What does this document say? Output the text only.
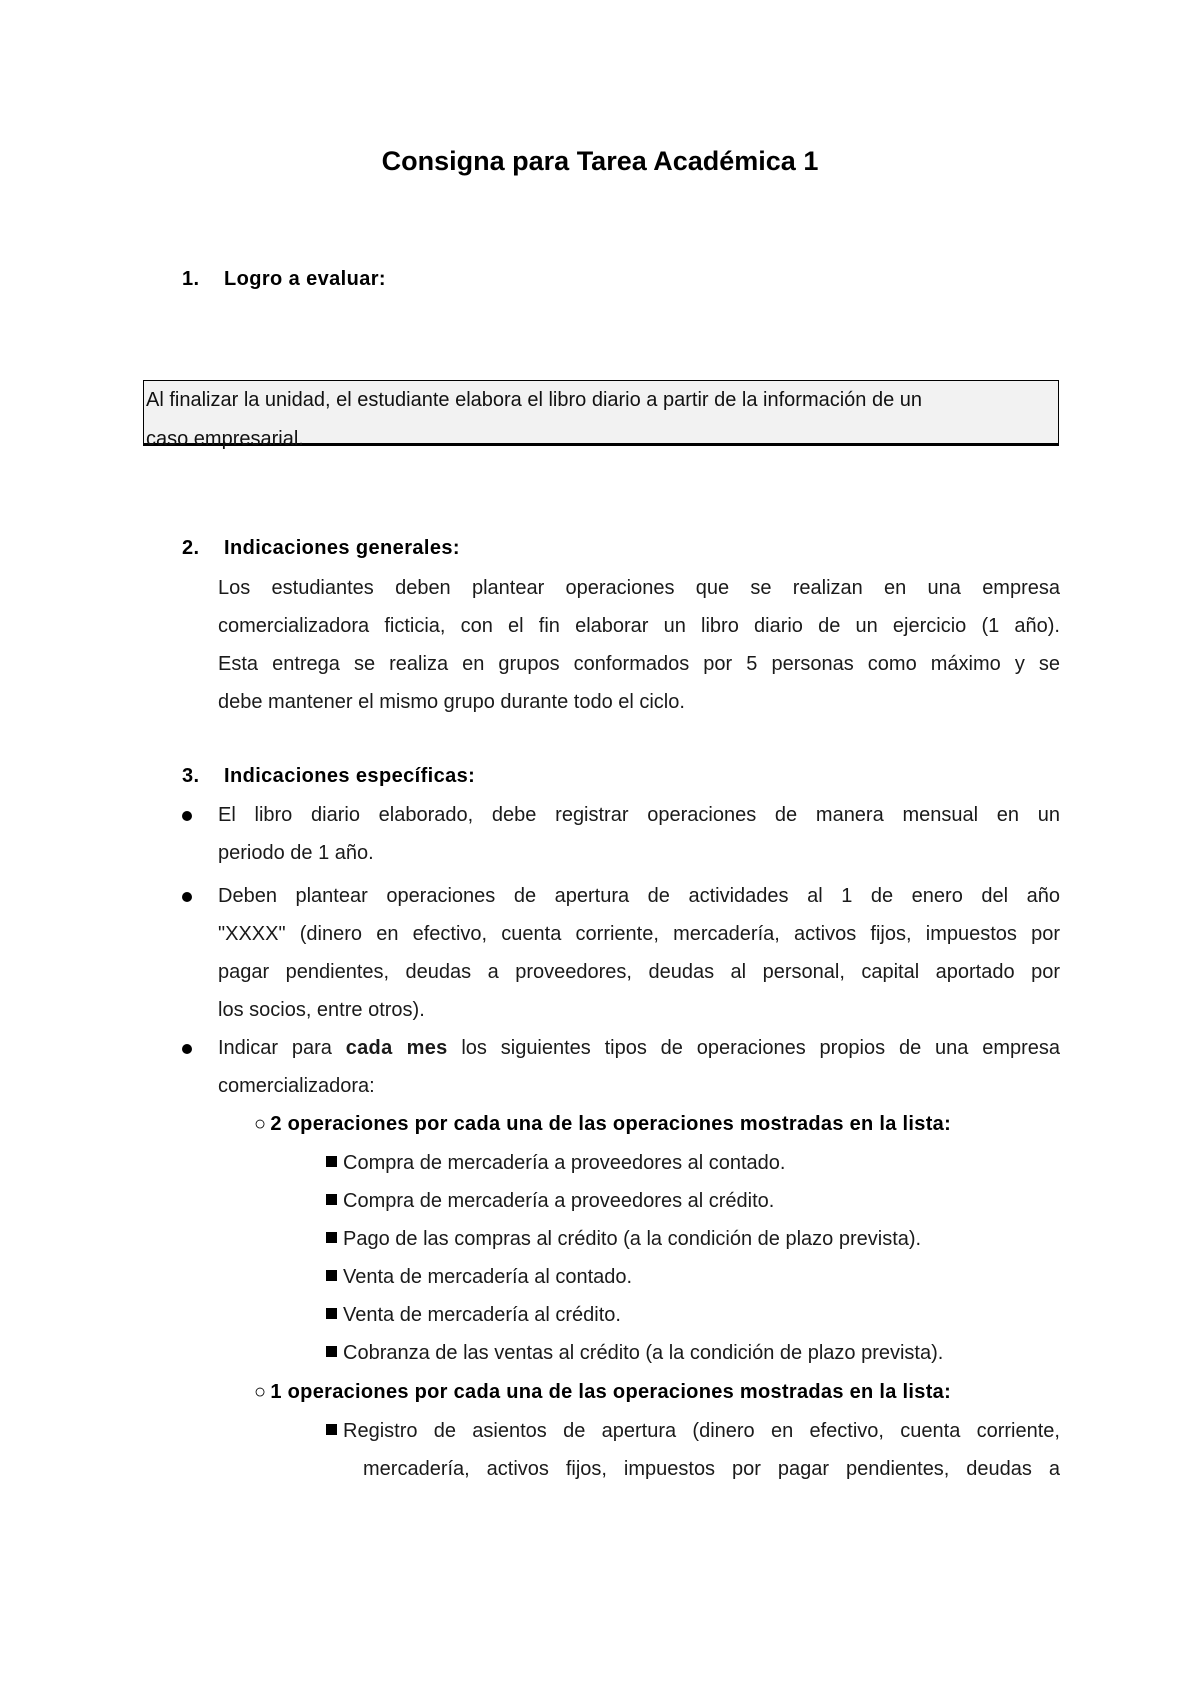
Consigna para Tarea Académica 1
1. Logro a evaluar:
Al finalizar la unidad, el estudiante elabora el libro diario a partir de la información de un
caso empresarial.
2. Indicaciones generales:
Los estudiantes deben plantear operaciones que se realizan en una empresa
comercializadora ficticia, con el fin elaborar un libro diario de un ejercicio (1 año).
Esta entrega se realiza en grupos conformados por 5 personas como máximo y se
debe mantener el mismo grupo durante todo el ciclo.
3. Indicaciones específicas:
El libro diario elaborado, debe registrar operaciones de manera mensual en un
periodo de 1 año.
Deben plantear operaciones de apertura de actividades al 1 de enero del año
"XXXX" (dinero en efectivo, cuenta corriente, mercadería, activos fijos, impuestos por
pagar pendientes, deudas a proveedores, deudas al personal, capital aportado por
los socios, entre otros).
Indicar para cada mes los siguientes tipos de operaciones propios de una empresa
comercializadora:
○ 2 operaciones por cada una de las operaciones mostradas en la lista:
Compra de mercadería a proveedores al contado.
Compra de mercadería a proveedores al crédito.
Pago de las compras al crédito (a la condición de plazo prevista).
Venta de mercadería al contado.
Venta de mercadería al crédito.
Cobranza de las ventas al crédito (a la condición de plazo prevista).
○ 1 operaciones por cada una de las operaciones mostradas en la lista:
Registro de asientos de apertura (dinero en efectivo, cuenta corriente,
mercadería, activos fijos, impuestos por pagar pendientes, deudas a
